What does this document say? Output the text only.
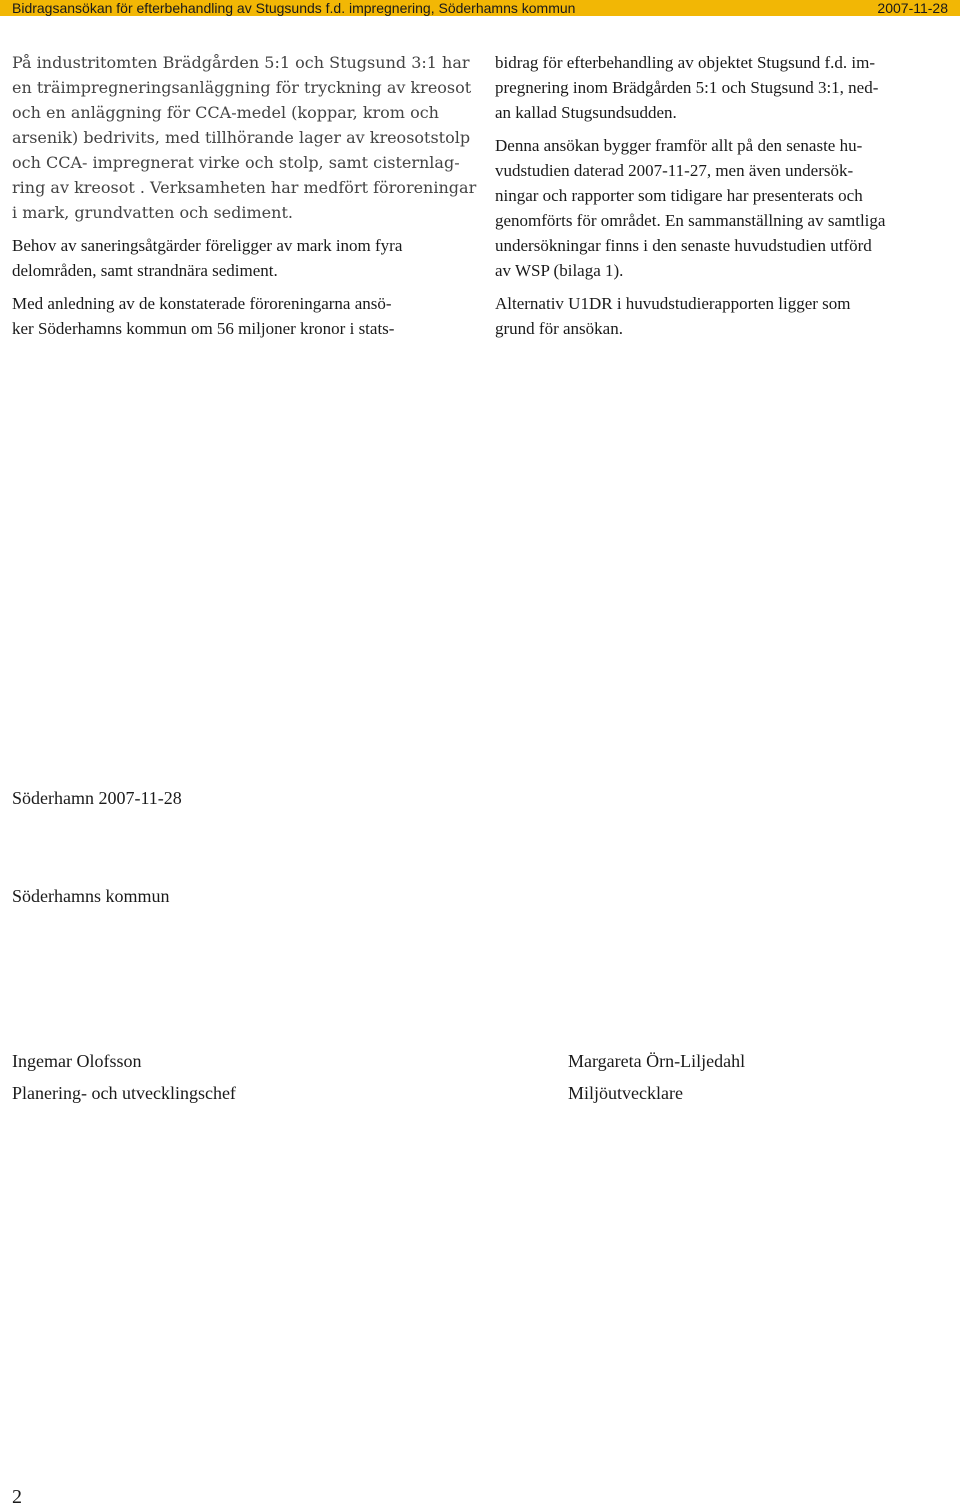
Bidragsansökan för efterbehandling av Stugsunds f.d. impregnering, Söderhamns kommun	2007-11-28

På industritomten Brädgården 5:1 och Stugsund 3:1 har
en träimpregneringsanläggning för tryckning av kreosot
och en anläggning för CCA-medel (koppar, krom och
arsenik) bedrivits, med tillhörande lager av kreosotstolp
och CCA- impregnerat virke och stolp, samt cisternlag-
ring av kreosot . Verksamheten har medfört föroreningar
i mark, grundvatten och sediment.

Behov av saneringsåtgärder föreligger av mark inom fyra
delområden, samt strandnära sediment.

Med anledning av de konstaterade föroreningarna ansö-
ker Söderhamns kommun om 56 miljoner kronor i stats-

bidrag för efterbehandling av objektet Stugsund f.d. im-
pregnering inom Brädgården 5:1 och Stugsund 3:1, ned-
an kallad Stugsundsudden.

Denna ansökan bygger framför allt på den senaste hu-
vudstudien daterad 2007-11-27, men även undersök-
ningar och rapporter som tidigare har presenterats och
genomförts för området. En sammanställning av samtliga
undersökningar finns i den senaste huvudstudien utförd
av WSP (bilaga 1).

Alternativ U1DR i huvudstudierapporten ligger som
grund för ansökan.

Söderhamn 2007-11-28
Söderhamns kommun
Ingemar Olofsson
Planering- och utvecklingschef
Margareta Örn-Liljedahl
Miljöutvecklare
2
